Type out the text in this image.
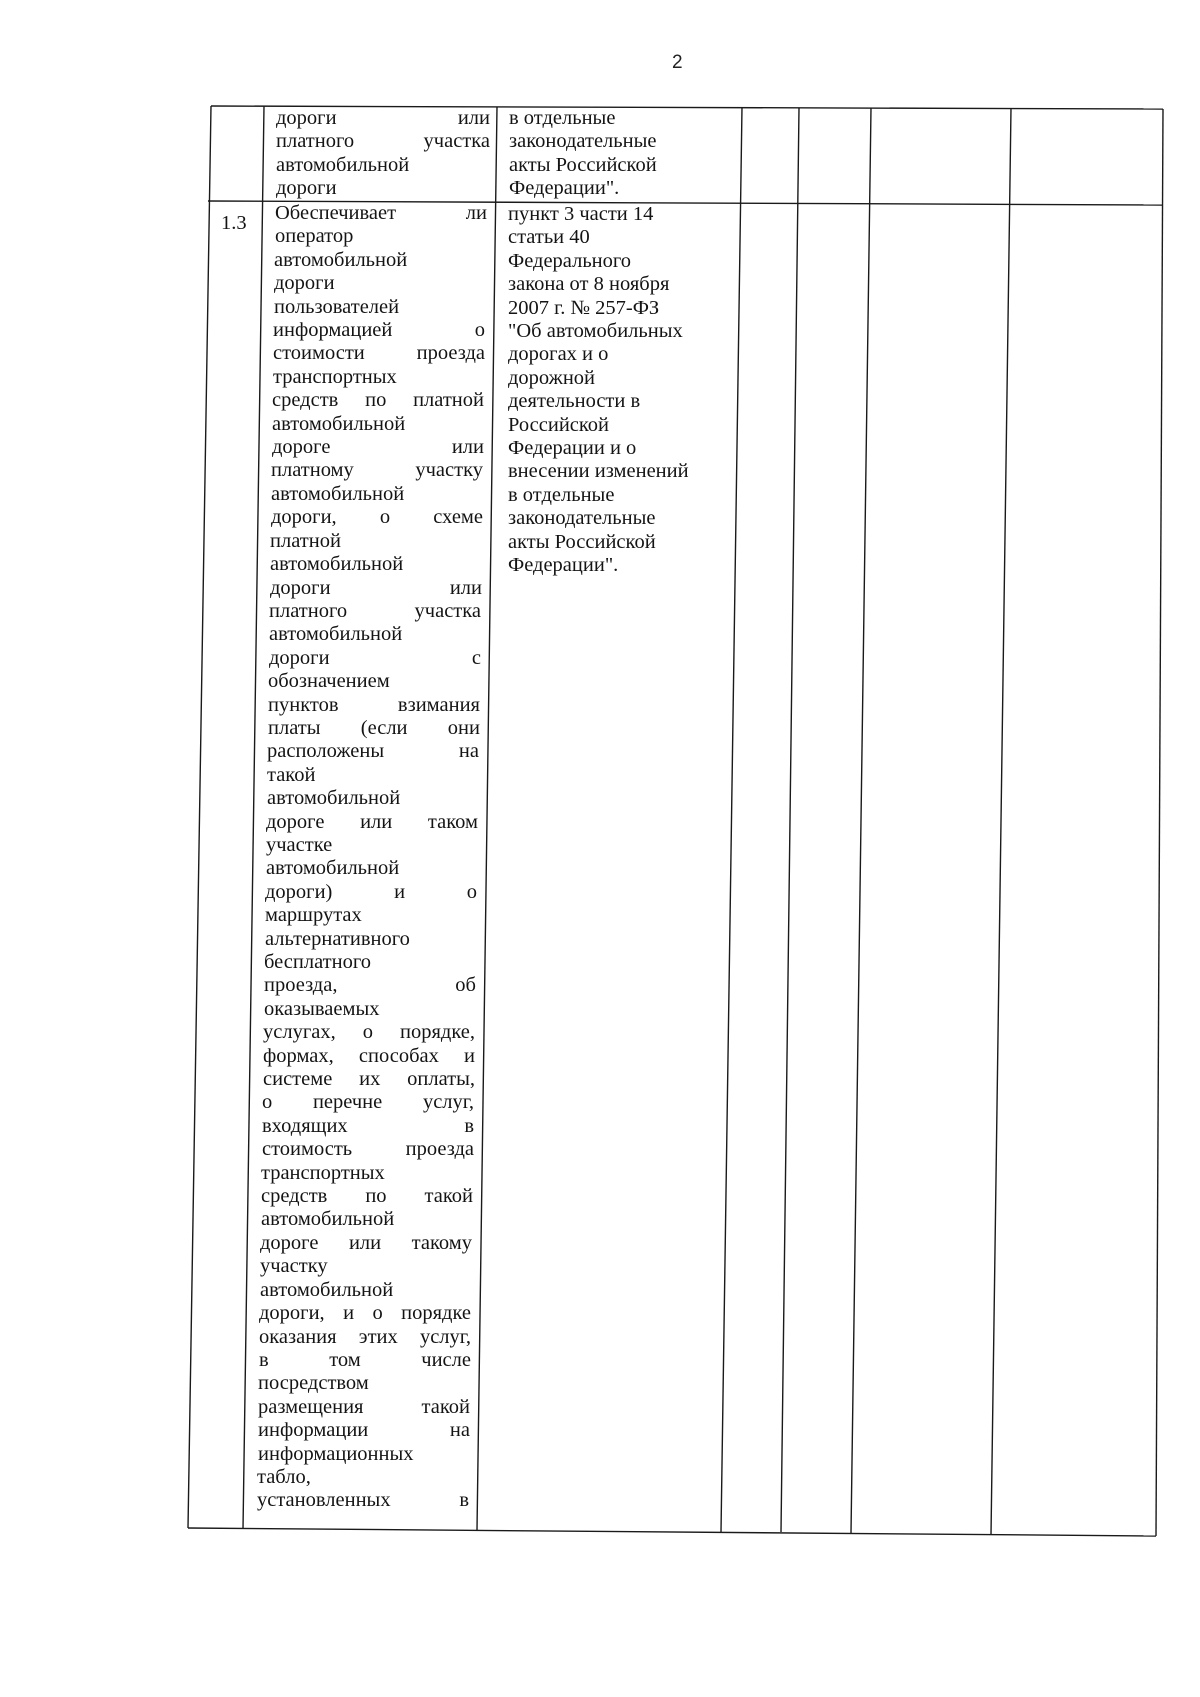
2
дороги или
платного участка
автомобильной
дороги
в отдельные
законодательные
акты Российской
Федерации".
1.3 Обеспечивает ли
оператор
автомобильной
дороги
пользователей
информацией о
стоимости проезда
транспортных
средств по платной
автомобильной
дороге или
платному участку
автомобильной
дороги, о схеме
платной
автомобильной
дороги или
платного участка
автомобильной
дороги с
обозначением
пунктов взимания
платы (если они
расположены на
такой
автомобильной
дороге или таком
участке
автомобильной
дороги) и о
маршрутах
альтернативного
бесплатного
проезда, об
оказываемых
услугах, о порядке,
формах, способах и
системе их оплаты,
о перечне услуг,
входящих в
стоимость проезда
транспортных
средств по такой
автомобильной
дороге или такому
участку
автомобильной
дороги, и о порядке
оказания этих услуг,
в том числе
посредством
размещения такой
информации на
информационных
табло,
установленных в
пункт 3 части 14
статьи 40
Федерального
закона от 8 ноября
2007 г. № 257-ФЗ
"Об автомобильных
дорогах и о
дорожной
деятельности в
Российской
Федерации и о
внесении изменений
в отдельные
законодательные
акты Российской
Федерации".
